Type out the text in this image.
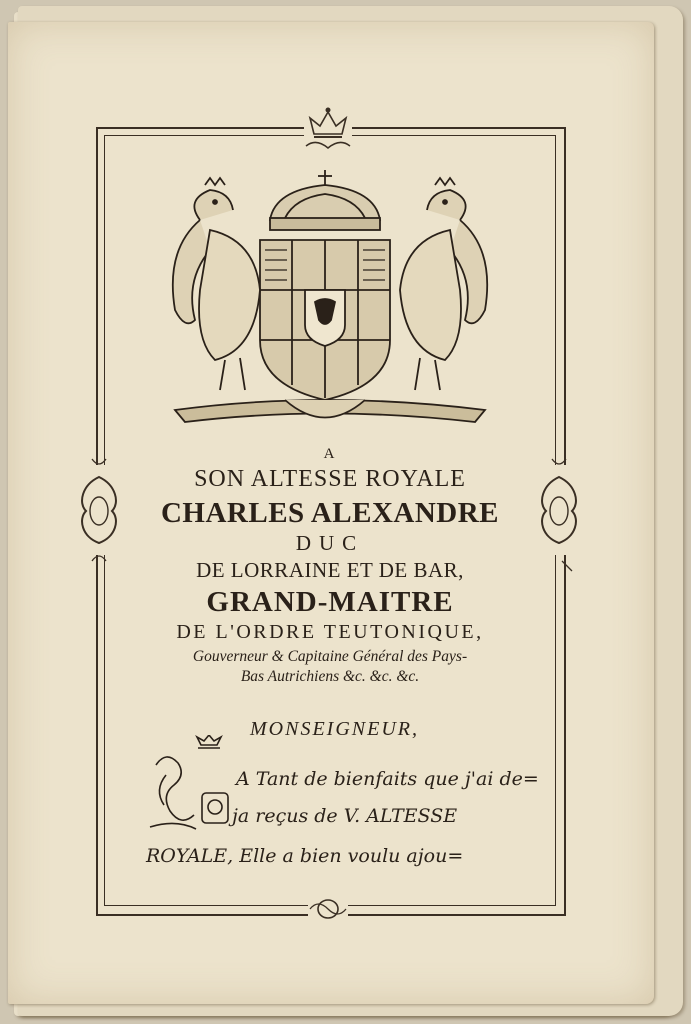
A

SON ALTESSE ROYALE

CHARLES ALEXANDRE

DUC

DE LORRAINE ET DE BAR,

GRAND-MAITRE

DE L'ORDRE TEUTONIQUE,

Gouverneur & Capitaine Général des Pays-

Bas Autrichiens &c. &c. &c.

MONSEIGNEUR,

A Tant de bienfaits que j'ai de=
ja reçus de V. ALTESSE
ROYALE, Elle a bien voulu ajou=
